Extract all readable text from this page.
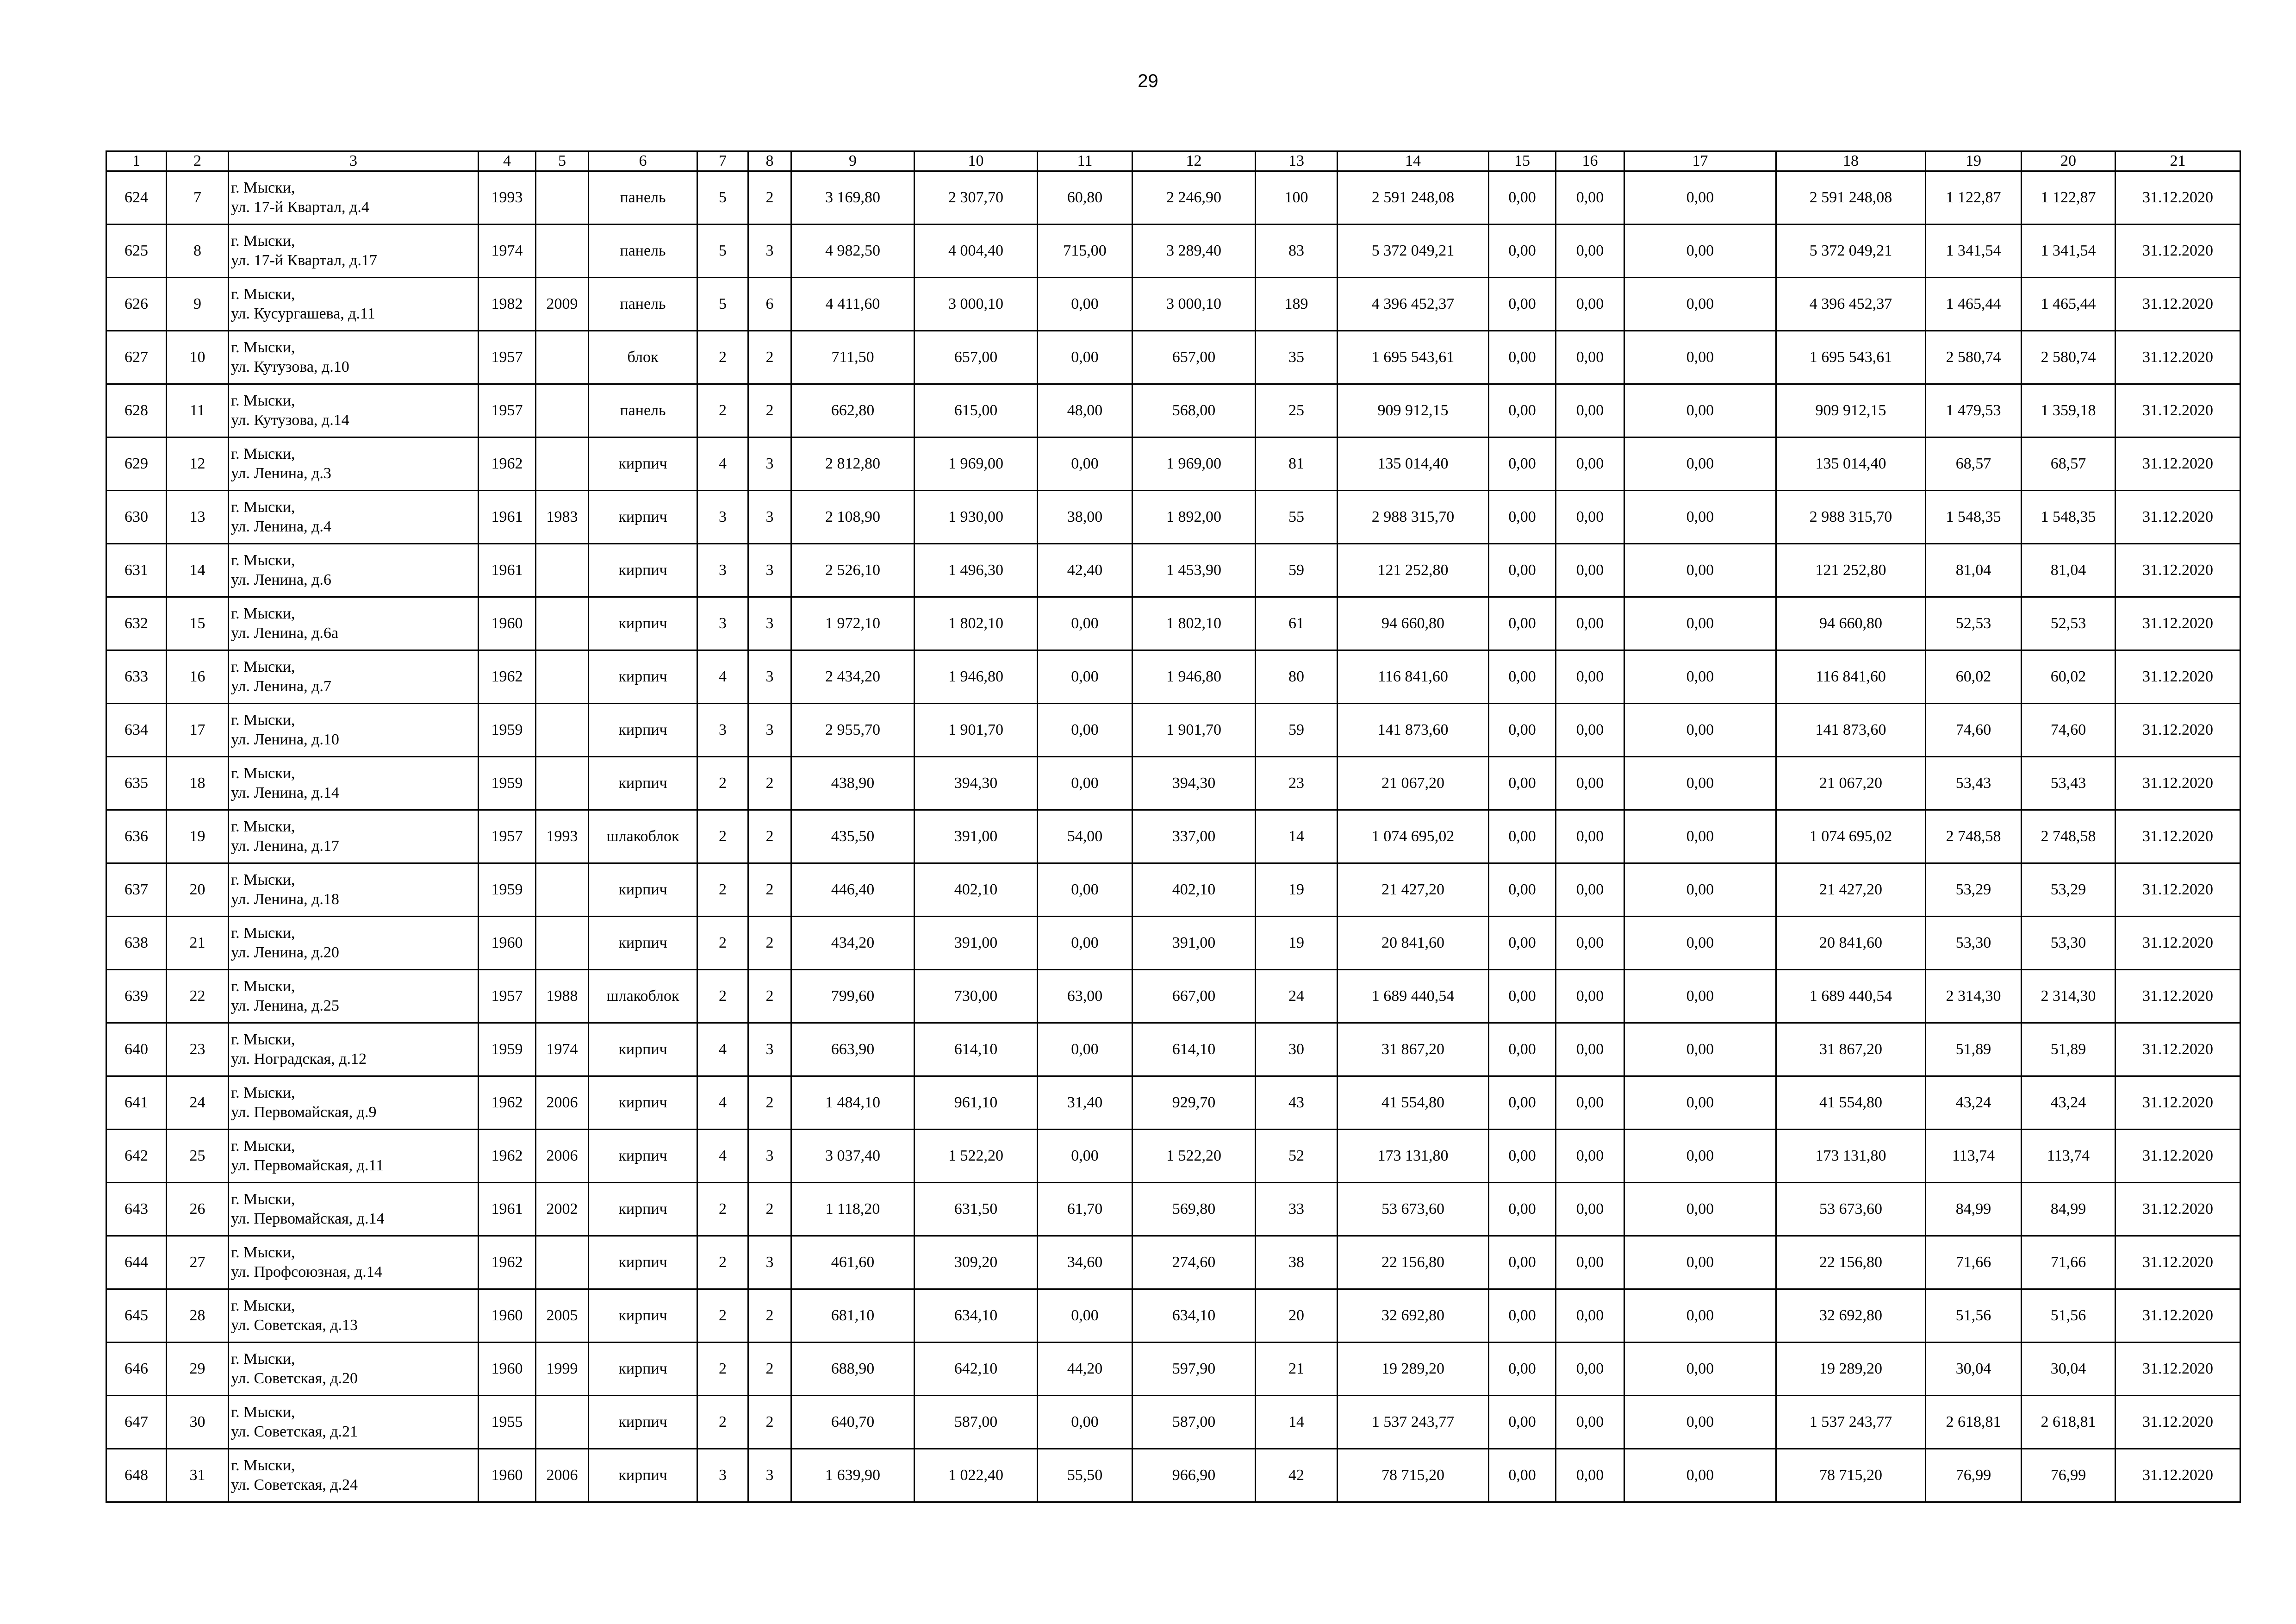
29
1	2	3	4	5	6	7	8	9	10	11	12	13	14	15	16	17	18	19	20	21
624	7	г. Мыски,
ул. 17-й Квартал, д.4	1993		панель	5	2	3 169,80	2 307,70	60,80	2 246,90	100	2 591 248,08	0,00	0,00	0,00	2 591 248,08	1 122,87	1 122,87	31.12.2020
625	8	г. Мыски,
ул. 17-й Квартал, д.17	1974		панель	5	3	4 982,50	4 004,40	715,00	3 289,40	83	5 372 049,21	0,00	0,00	0,00	5 372 049,21	1 341,54	1 341,54	31.12.2020
626	9	г. Мыски,
ул. Кусургашева, д.11	1982	2009	панель	5	6	4 411,60	3 000,10	0,00	3 000,10	189	4 396 452,37	0,00	0,00	0,00	4 396 452,37	1 465,44	1 465,44	31.12.2020
627	10	г. Мыски,
ул. Кутузова, д.10	1957		блок	2	2	711,50	657,00	0,00	657,00	35	1 695 543,61	0,00	0,00	0,00	1 695 543,61	2 580,74	2 580,74	31.12.2020
628	11	г. Мыски,
ул. Кутузова, д.14	1957		панель	2	2	662,80	615,00	48,00	568,00	25	909 912,15	0,00	0,00	0,00	909 912,15	1 479,53	1 359,18	31.12.2020
629	12	г. Мыски,
ул. Ленина, д.3	1962		кирпич	4	3	2 812,80	1 969,00	0,00	1 969,00	81	135 014,40	0,00	0,00	0,00	135 014,40	68,57	68,57	31.12.2020
630	13	г. Мыски,
ул. Ленина, д.4	1961	1983	кирпич	3	3	2 108,90	1 930,00	38,00	1 892,00	55	2 988 315,70	0,00	0,00	0,00	2 988 315,70	1 548,35	1 548,35	31.12.2020
631	14	г. Мыски,
ул. Ленина, д.6	1961		кирпич	3	3	2 526,10	1 496,30	42,40	1 453,90	59	121 252,80	0,00	0,00	0,00	121 252,80	81,04	81,04	31.12.2020
632	15	г. Мыски,
ул. Ленина, д.6а	1960		кирпич	3	3	1 972,10	1 802,10	0,00	1 802,10	61	94 660,80	0,00	0,00	0,00	94 660,80	52,53	52,53	31.12.2020
633	16	г. Мыски,
ул. Ленина, д.7	1962		кирпич	4	3	2 434,20	1 946,80	0,00	1 946,80	80	116 841,60	0,00	0,00	0,00	116 841,60	60,02	60,02	31.12.2020
634	17	г. Мыски,
ул. Ленина, д.10	1959		кирпич	3	3	2 955,70	1 901,70	0,00	1 901,70	59	141 873,60	0,00	0,00	0,00	141 873,60	74,60	74,60	31.12.2020
635	18	г. Мыски,
ул. Ленина, д.14	1959		кирпич	2	2	438,90	394,30	0,00	394,30	23	21 067,20	0,00	0,00	0,00	21 067,20	53,43	53,43	31.12.2020
636	19	г. Мыски,
ул. Ленина, д.17	1957	1993	шлакоблок	2	2	435,50	391,00	54,00	337,00	14	1 074 695,02	0,00	0,00	0,00	1 074 695,02	2 748,58	2 748,58	31.12.2020
637	20	г. Мыски,
ул. Ленина, д.18	1959		кирпич	2	2	446,40	402,10	0,00	402,10	19	21 427,20	0,00	0,00	0,00	21 427,20	53,29	53,29	31.12.2020
638	21	г. Мыски,
ул. Ленина, д.20	1960		кирпич	2	2	434,20	391,00	0,00	391,00	19	20 841,60	0,00	0,00	0,00	20 841,60	53,30	53,30	31.12.2020
639	22	г. Мыски,
ул. Ленина, д.25	1957	1988	шлакоблок	2	2	799,60	730,00	63,00	667,00	24	1 689 440,54	0,00	0,00	0,00	1 689 440,54	2 314,30	2 314,30	31.12.2020
640	23	г. Мыски,
ул. Ноградская, д.12	1959	1974	кирпич	4	3	663,90	614,10	0,00	614,10	30	31 867,20	0,00	0,00	0,00	31 867,20	51,89	51,89	31.12.2020
641	24	г. Мыски,
ул. Первомайская, д.9	1962	2006	кирпич	4	2	1 484,10	961,10	31,40	929,70	43	41 554,80	0,00	0,00	0,00	41 554,80	43,24	43,24	31.12.2020
642	25	г. Мыски,
ул. Первомайская, д.11	1962	2006	кирпич	4	3	3 037,40	1 522,20	0,00	1 522,20	52	173 131,80	0,00	0,00	0,00	173 131,80	113,74	113,74	31.12.2020
643	26	г. Мыски,
ул. Первомайская, д.14	1961	2002	кирпич	2	2	1 118,20	631,50	61,70	569,80	33	53 673,60	0,00	0,00	0,00	53 673,60	84,99	84,99	31.12.2020
644	27	г. Мыски,
ул. Профсоюзная, д.14	1962		кирпич	2	3	461,60	309,20	34,60	274,60	38	22 156,80	0,00	0,00	0,00	22 156,80	71,66	71,66	31.12.2020
645	28	г. Мыски,
ул. Советская, д.13	1960	2005	кирпич	2	2	681,10	634,10	0,00	634,10	20	32 692,80	0,00	0,00	0,00	32 692,80	51,56	51,56	31.12.2020
646	29	г. Мыски,
ул. Советская, д.20	1960	1999	кирпич	2	2	688,90	642,10	44,20	597,90	21	19 289,20	0,00	0,00	0,00	19 289,20	30,04	30,04	31.12.2020
647	30	г. Мыски,
ул. Советская, д.21	1955		кирпич	2	2	640,70	587,00	0,00	587,00	14	1 537 243,77	0,00	0,00	0,00	1 537 243,77	2 618,81	2 618,81	31.12.2020
648	31	г. Мыски,
ул. Советская, д.24	1960	2006	кирпич	3	3	1 639,90	1 022,40	55,50	966,90	42	78 715,20	0,00	0,00	0,00	78 715,20	76,99	76,99	31.12.2020
